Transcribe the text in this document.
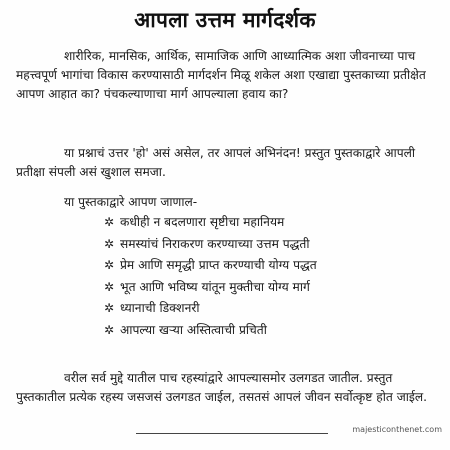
आपला उत्तम मार्गदर्शक
शारीरिक, मानसिक, आर्थिक, सामाजिक आणि आध्यात्मिक अशा जीवनाच्या पाच महत्त्वपूर्ण भागांचा विकास करण्यासाठी मार्गदर्शन मिळू शकेल अशा एखाद्या पुस्तकाच्या प्रतीक्षेत आपण आहात का? पंचकल्याणाचा मार्ग आपल्याला हवाय का?
या प्रश्नाचं उत्तर 'हो' असं असेल, तर आपलं अभिनंदन! प्रस्तुत पुस्तकाद्वारे आपली प्रतीक्षा संपली असं खुशाल समजा.
या पुस्तकाद्वारे आपण जाणाल-
✲ कधीही न बदलणारा सृष्टीचा महानियम
✲ समस्यांचं निराकरण करण्याच्या उत्तम पद्धती
✲ प्रेम आणि समृद्धी प्राप्त करण्याची योग्य पद्धत
✲ भूत आणि भविष्य यांतून मुक्तीचा योग्य मार्ग
✲ ध्यानाची डिक्शनरी
✲ आपल्या खऱ्या अस्तित्वाची प्रचिती
वरील सर्व मुद्दे यातील पाच रहस्यांद्वारे आपल्यासमोर उलगडत जातील. प्रस्तुत पुस्तकातील प्रत्येक रहस्य जसजसं उलगडत जाईल, तसतसं आपलं जीवन सर्वोत्कृष्ट होत जाईल.
majesticonthenet.com
